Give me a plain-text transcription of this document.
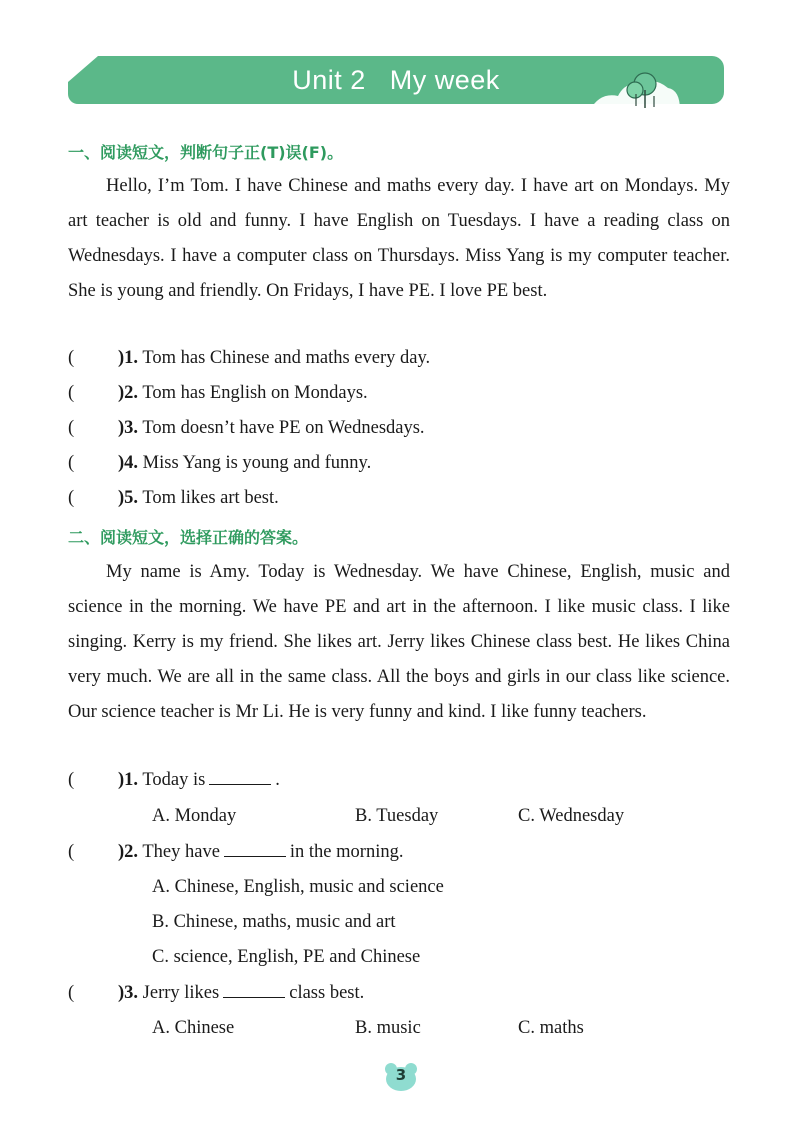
Unit 2   My week
一、阅读短文，判断句子正(T)误(F)。
Hello, I’m Tom. I have Chinese and maths every day. I have art on Mondays. My art teacher is old and funny. I have English on Tuesdays. I have a reading class on Wednesdays. I have a computer class on Thursdays. Miss Yang is my computer teacher. She is young and friendly. On Fridays, I have PE. I love PE best.
( )1. Tom has Chinese and maths every day.
( )2. Tom has English on Mondays.
( )3. Tom doesn’t have PE on Wednesdays.
( )4. Miss Yang is young and funny.
( )5. Tom likes art best.
二、阅读短文，选择正确的答案。
My name is Amy. Today is Wednesday. We have Chinese, English, music and science in the morning. We have PE and art in the afternoon. I like music class. I like singing. Kerry is my friend. She likes art. Jerry likes Chinese class best. He likes China very much. We are all in the same class. All the boys and girls in our class like science. Our science teacher is Mr Li. He is very funny and kind. I like funny teachers.
( )1. Today is	.
A. Monday	B. Tuesday	C. Wednesday
( )2. They have	in the morning.
A. Chinese, English, music and science
B. Chinese, maths, music and art
C. science, English, PE and Chinese
( )3. Jerry likes	class best.
A. Chinese	B. music	C. maths
3
